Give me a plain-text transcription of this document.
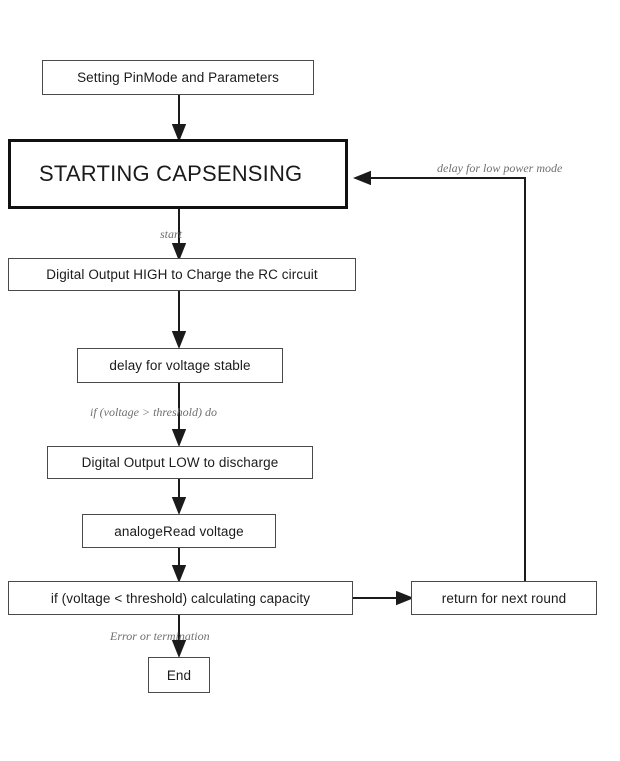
Setting PinMode and Parameters
STARTING CAPSENSING
Digital Output HIGH to Charge the RC circuit
delay for voltage stable
Digital Output LOW to discharge
analogeRead voltage
if (voltage < threshold) calculating capacity	return for next round
End
start
if (voltage > threshold) do
Error or termination
delay for low power mode
